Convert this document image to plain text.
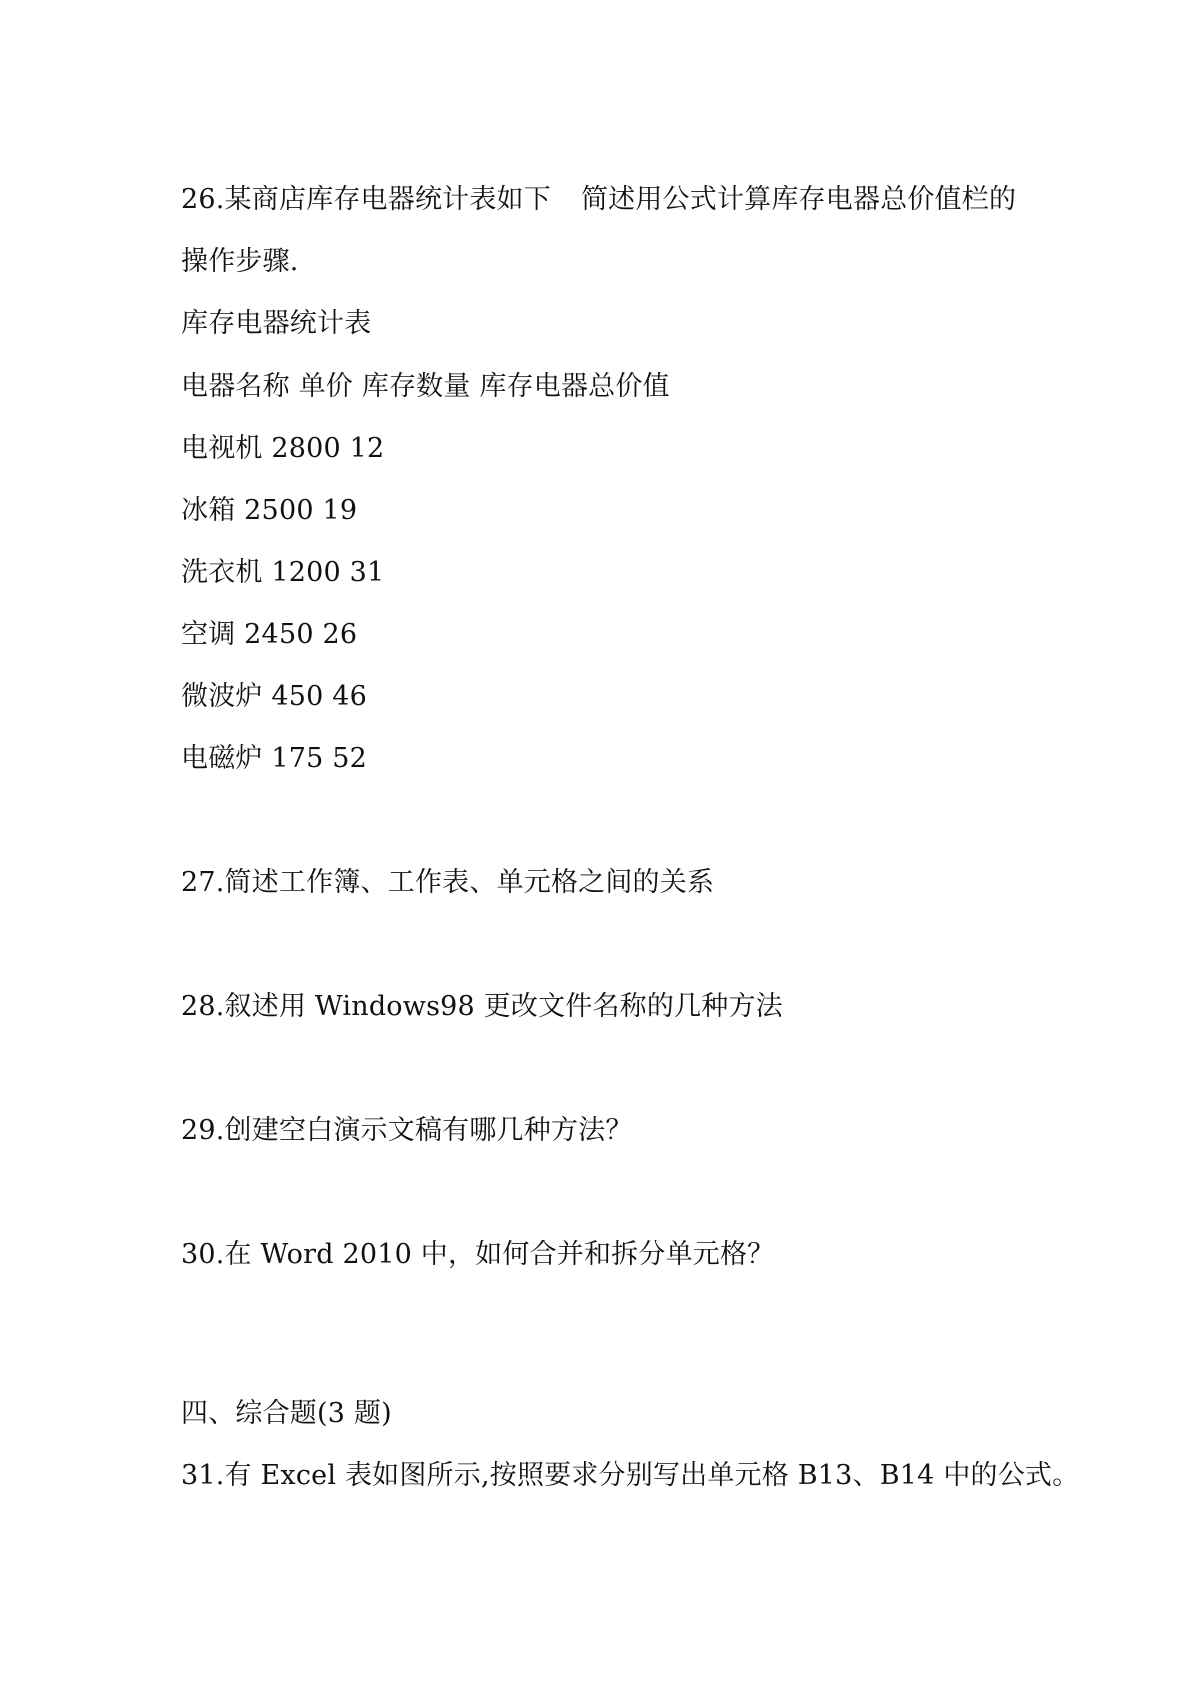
26.某商店库存电器统计表如下 简述用公式计算库存电器总价值栏的
操作步骤.
库存电器统计表
电器名称 单价 库存数量 库存电器总价值
电视机 2800 12
冰箱 2500 19
洗衣机 1200 31
空调 2450 26
微波炉 450 46
电磁炉 175 52
27.简述工作簿、工作表、单元格之间的关系
28.叙述用 Windows98 更改文件名称的几种方法
29.创建空白演示文稿有哪几种方法？
30.在 Word 2010 中，如何合并和拆分单元格？
四、综合题(3 题)
31.有 Excel 表如图所示,按照要求分别写出单元格 B13、B14 中的公式。
